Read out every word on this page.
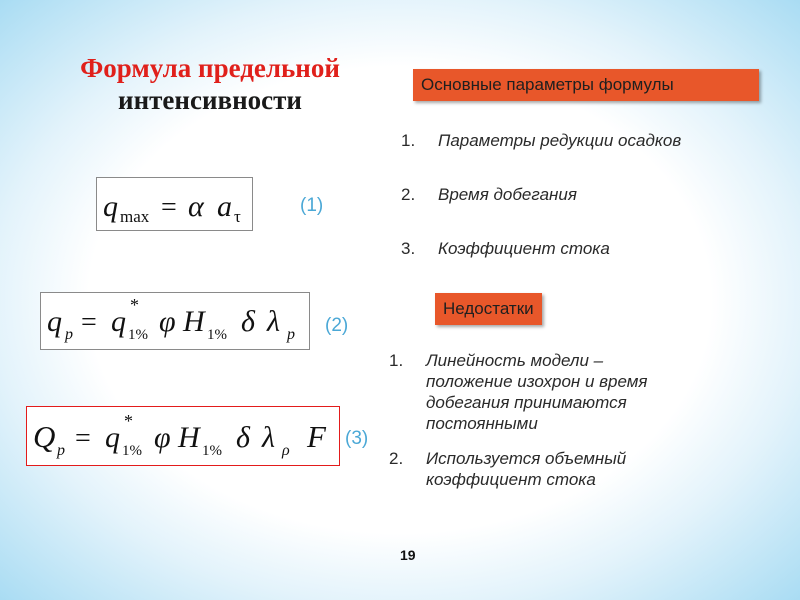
Формула предельной
интенсивности
q max = α a τ
(1)
q p = q *
1% φ H 1% δ λ p (2)
Q p = q *
1% φ H 1% δ λ ρ F (3)
Основные параметры формулы
1.	Параметры редукции осадков
2.	Время добегания
3.	Коэффициент стока
Недостатки
1.	Линейность модели –
положение изохрон и время
добегания принимаются
постоянными
2.	Используется объемный
коэффициент стока
19
